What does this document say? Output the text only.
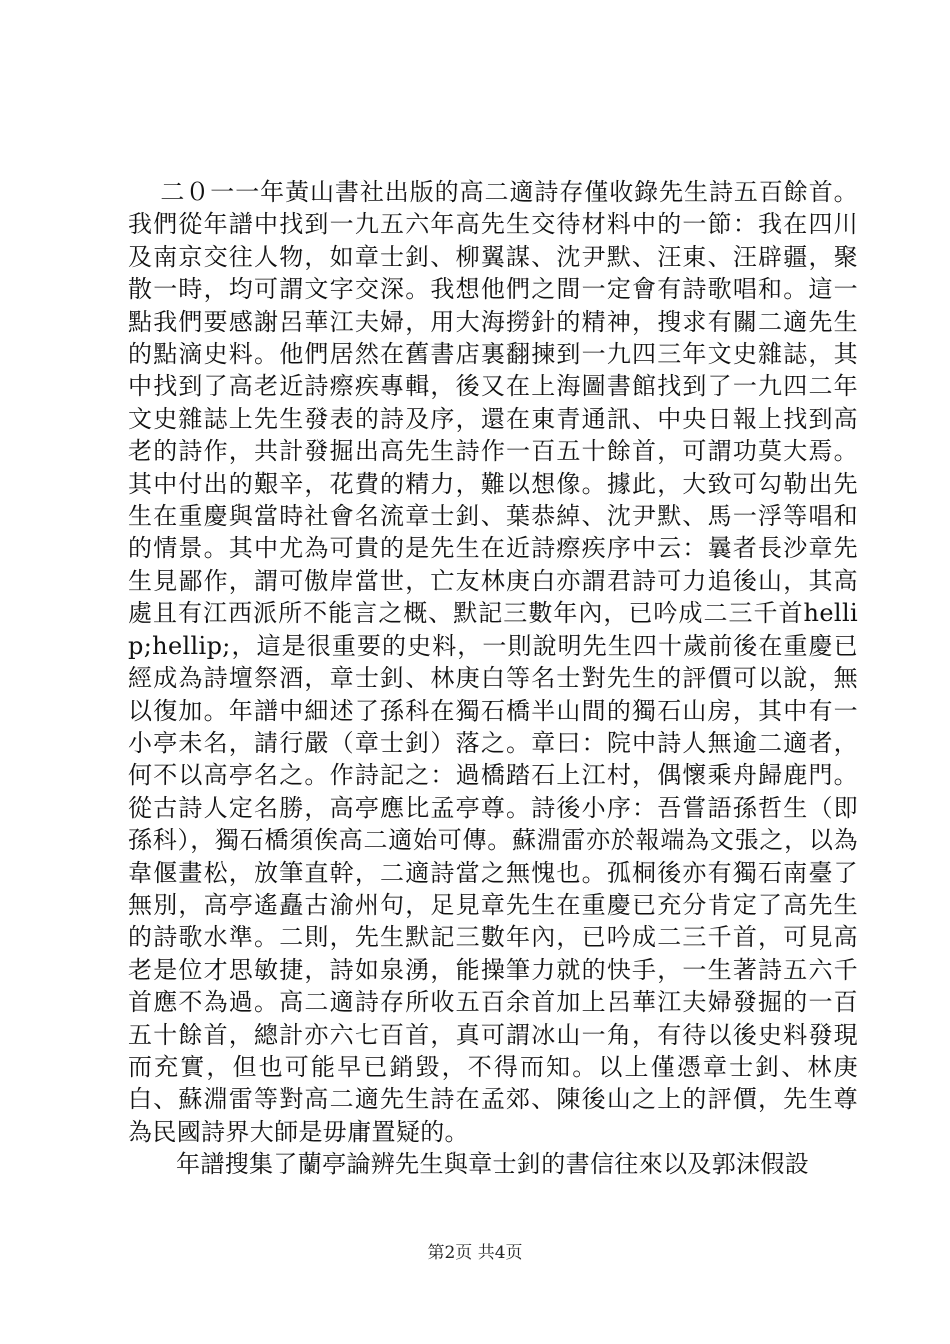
二０一一年黃山書社出版的高二適詩存僅收錄先生詩五百餘首。我們從年譜中找到一九五六年高先生交待材料中的一節：我在四川及南京交往人物，如章士釗、柳翼謀、沈尹默、汪東、汪辟疆，聚散一時，均可謂文字交深。我想他們之間一定會有詩歌唱和。這一點我們要感謝呂華江夫婦，用大海撈針的精神，搜求有關二適先生的點滴史料。他們居然在舊書店裏翻揀到一九四三年文史雜誌，其中找到了高老近詩瘵疾專輯，後又在上海圖書館找到了一九四二年文史雜誌上先生發表的詩及序，還在東青通訊、中央日報上找到高老的詩作，共計發掘出高先生詩作一百五十餘首，可謂功莫大焉。其中付出的艱辛，花費的精力，難以想像。據此，大致可勾勒出先生在重慶與當時社會名流章士釗、葉恭綽、沈尹默、馬一浮等唱和的情景。其中尤為可貴的是先生在近詩瘵疾序中云：曩者長沙章先生見鄙作，謂可傲岸當世，亡友林庚白亦謂君詩可力追後山，其高處且有江西派所不能言之概、默記三數年內，已吟成二三千首hellip;hellip;，這是很重要的史料，一則說明先生四十歲前後在重慶已經成為詩壇祭酒，章士釗、林庚白等名士對先生的評價可以說，無以復加。年譜中細述了孫科在獨石橋半山間的獨石山房，其中有一小亭未名，請行嚴（章士釗）落之。章曰：院中詩人無逾二適者，何不以高亭名之。作詩記之：過橋踏石上江村，偶懷乘舟歸鹿門。從古詩人定名勝，高亭應比孟亭尊。詩後小序：吾嘗語孫哲生（即孫科），獨石橋須俟高二適始可傳。蘇淵雷亦於報端為文張之，以為韋偃畫松，放筆直幹，二適詩當之無愧也。孤桐後亦有獨石南臺了無別，高亭遙矗古渝州句，足見章先生在重慶已充分肯定了高先生的詩歌水準。二則，先生默記三數年內，已吟成二三千首，可見高老是位才思敏捷，詩如泉湧，能操筆力就的快手，一生著詩五六千首應不為過。高二適詩存所收五百余首加上呂華江夫婦發掘的一百五十餘首，總計亦六七百首，真可謂冰山一角，有待以後史料發現而充實，但也可能早已銷毀，不得而知。以上僅憑章士釗、林庚白、蘇淵雷等對高二適先生詩在孟郊、陳後山之上的評價，先生尊為民國詩界大師是毋庸置疑的。

年譜搜集了蘭亭論辨先生與章士釗的書信往來以及郭沫假設

第2页 共4页
